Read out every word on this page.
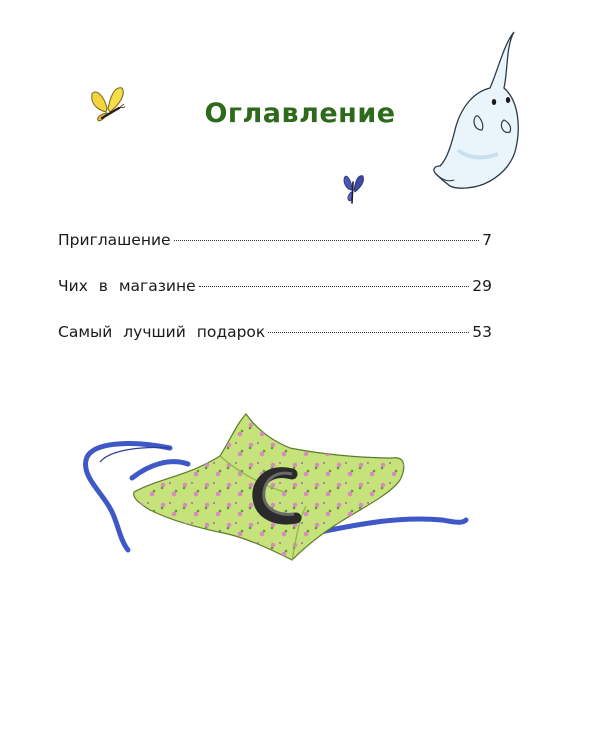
Оглавление
Приглашение	7
Чих в магазине	29
Самый лучший подарок	53
